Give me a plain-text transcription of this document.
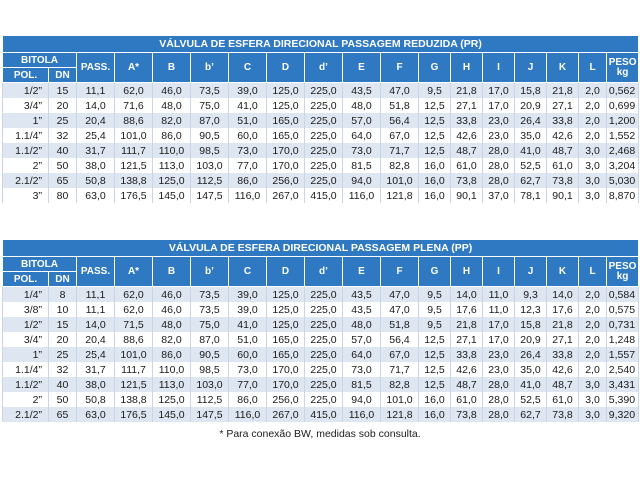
VÁLVULA DE ESFERA DIRECIONAL PASSAGEM REDUZIDA (PR)																	
BITOLA		PASS.	A*	B	b’	C	D	d’	E	F	G	H	I	J	K	L	PESO
kg
POL.	DN																
1/2”	15	11,1	62,0	46,0	73,5	39,0	125,0	225,0	43,5	47,0	9,5	21,8	17,0	15,8	21,8	2,0	0,562
3/4”	20	14,0	71,6	48,0	75,0	41,0	125,0	225,0	48,0	51,8	12,5	27,1	17,0	20,9	27,1	2,0	0,699
1”	25	20,4	88,6	82,0	87,0	51,0	165,0	225,0	57,0	56,4	12,5	33,8	23,0	26,4	33,8	2,0	1,200
1.1/4”	32	25,4	101,0	86,0	90,5	60,0	165,0	225,0	64,0	67,0	12,5	42,6	23,0	35,0	42,6	2,0	1,552
1.1/2”	40	31,7	111,7	110,0	98,5	73,0	170,0	225,0	73,0	71,7	12,5	48,7	28,0	41,0	48,7	3,0	2,468
2”	50	38,0	121,5	113,0	103,0	77,0	170,0	225,0	81,5	82,8	16,0	61,0	28,0	52,5	61,0	3,0	3,204
2.1/2”	65	50,8	138,8	125,0	112,5	86,0	256,0	225,0	94,0	101,0	16,0	73,8	28,0	62,7	73,8	3,0	5,030
3”	80	63,0	176,5	145,0	147,5	116,0	267,0	415,0	116,0	121,8	16,0	90,1	37,0	78,1	90,1	3,0	8,870
VÁLVULA DE ESFERA DIRECIONAL PASSAGEM PLENA (PP)																	
BITOLA		PASS.	A*	B	b’	C	D	d’	E	F	G	H	I	J	K	L	PESO
kg
POL.	DN																
1/4”	8	11,1	62,0	46,0	73,5	39,0	125,0	225,0	43,5	47,0	9,5	14,0	11,0	9,3	14,0	2,0	0,584
3/8”	10	11,1	62,0	46,0	73,5	39,0	125,0	225,0	43,5	47,0	9,5	17,6	11,0	12,3	17,6	2,0	0,575
1/2”	15	14,0	71,5	48,0	75,0	41,0	125,0	225,0	48,0	51,8	9,5	21,8	17,0	15,8	21,8	2,0	0,731
3/4”	20	20,4	88,6	82,0	87,0	51,0	165,0	225,0	57,0	56,4	12,5	27,1	17,0	20,9	27,1	2,0	1,248
1”	25	25,4	101,0	86,0	90,5	60,0	165,0	225,0	64,0	67,0	12,5	33,8	23,0	26,4	33,8	2,0	1,557
1.1/4”	32	31,7	111,7	110,0	98,5	73,0	170,0	225,0	73,0	71,7	12,5	42,6	23,0	35,0	42,6	2,0	2,540
1.1/2”	40	38,0	121,5	113,0	103,0	77,0	170,0	225,0	81,5	82,8	12,5	48,7	28,0	41,0	48,7	3,0	3,431
2”	50	50,8	138,8	125,0	112,5	86,0	256,0	225,0	94,0	101,0	16,0	61,0	28,0	52,5	61,0	3,0	5,390
2.1/2”	65	63,0	176,5	145,0	147,5	116,0	267,0	415,0	116,0	121,8	16,0	73,8	28,0	62,7	73,8	3,0	9,320
* Para conexão BW, medidas sob consulta.
